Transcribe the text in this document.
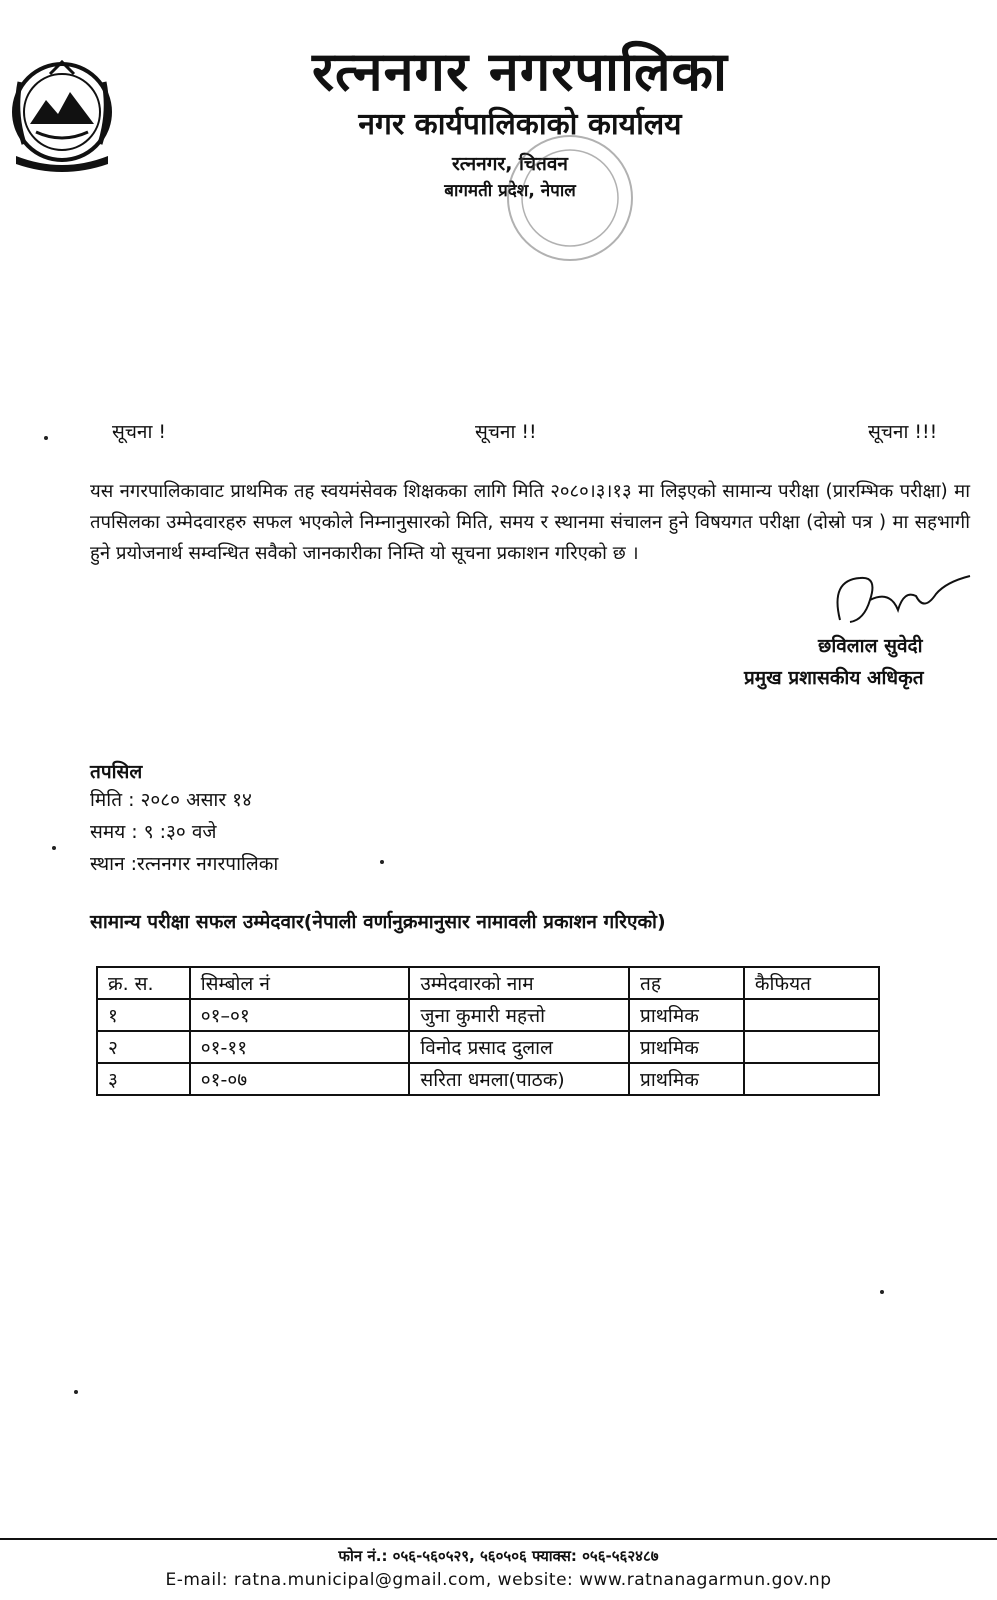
रत्ननगर नगरपालिका
नगर कार्यपालिकाको कार्यालय
रत्ननगर, चितवन
बागमती प्रदेश, नेपाल
सूचना !	सूचना !!	सूचना !!!
यस नगरपालिकावाट प्राथमिक तह स्वयमंसेवक शिक्षकका लागि मिति २०८०।३।१३ मा लिइएको सामान्य परीक्षा (प्रारम्भिक परीक्षा) मा तपसिलका उम्मेदवारहरु सफल भएकोले निम्नानुसारको मिति, समय र स्थानमा संचालन हुने विषयगत परीक्षा (दोस्रो पत्र ) मा सहभागी हुने प्रयोजनार्थ सम्वन्धित सवैको जानकारीका निम्ति यो सूचना प्रकाशन गरिएको छ ।
छविलाल सुवेदी
प्रमुख प्रशासकीय अधिकृत
तपसिल
मिति : २०८० असार १४
समय : ९ :३० वजे
स्थान :रत्ननगर नगरपालिका
सामान्य परीक्षा सफल उम्मेदवार(नेपाली वर्णानुक्रमानुसार नामावली प्रकाशन गरिएको)
क्र. स.	सिम्बोल नं	उम्मेदवारको नाम	तह	कैफियत
१	०१–०१	जुना कुमारी महत्तो	प्राथमिक	
२	०१-११	विनोद प्रसाद दुलाल	प्राथमिक	
३	०१-०७	सरिता धमला(पाठक)	प्राथमिक	
फोन नं.: ०५६-५६०५२९, ५६०५०६ फ्याक्स: ०५६-५६२४८७
E-mail: ratna.municipal@gmail.com, website: www.ratnanagarmun.gov.np
